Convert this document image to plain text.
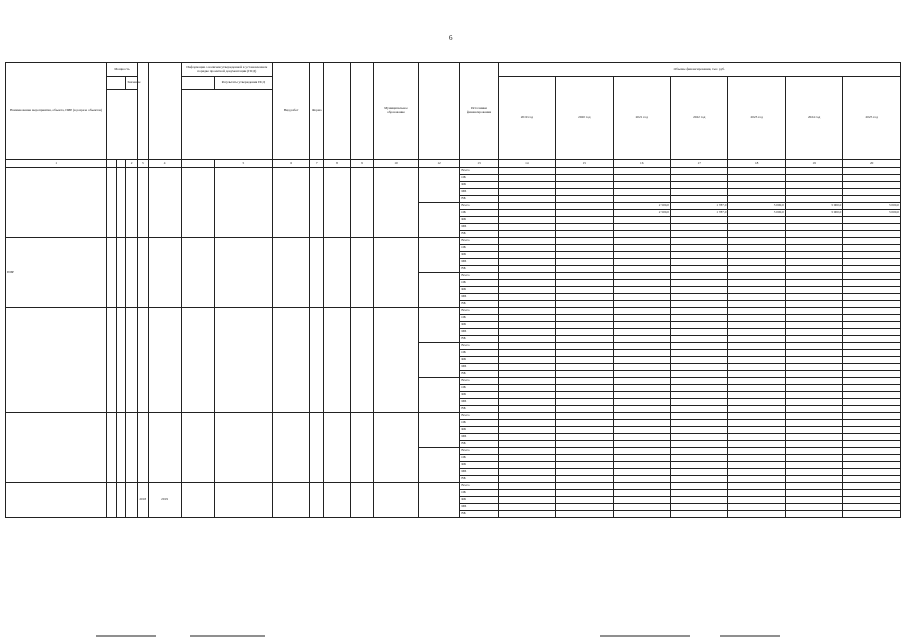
6
Наименование мероприятия, объекта, ПИР (в разрезе объектов)	Мощность					Информация о наличии утвержденной в установленном порядке проектной документации (ПСД)		Вид работ	Форма			Муниципальное образование		Источники финансирования	Объемы финансирования, тыс. руб.						
			Значение				Результаты утверждения ПСД								2019 год	2020 год	2021 год	2022 год	2023 год	2024 год	2025 год

1			2	3	4		5	6	7	8	9	10	12	13	14	15	16	17	18	19	20
														Всего							
														ОБ							
														ФБ							
														МБ							
														ВБ							
														Всего			2 500,0	1 787,0	3 000,0	3 000,0	3 000,0
														ОБ			2 500,0	1 787,0	3 000,0	3 000,0	3 000,0
														ФБ							
														МБ							
														ВБ							
ПИР														Всего							
														ОБ							
														ФБ							
														МБ							
														ВБ							
														Всего							
														ОБ							
														ФБ							
														МБ							
														ВБ							
														Всего							
														ОБ							
														ФБ							
														МБ							
														ВБ							
														Всего							
														ОБ							
														ФБ							
														МБ							
														ВБ							
														Всего							
														ОБ							
														ФБ							
														МБ							
														ВБ							
														Всего							
														ОБ							
														ФБ							
														МБ							
														ВБ							
														Всего							
														ОБ							
														ФБ							
														МБ							
														ВБ							
				2018	2019									Всего							
														ОБ							
														ФБ							
														МБ							
														ВБ							
